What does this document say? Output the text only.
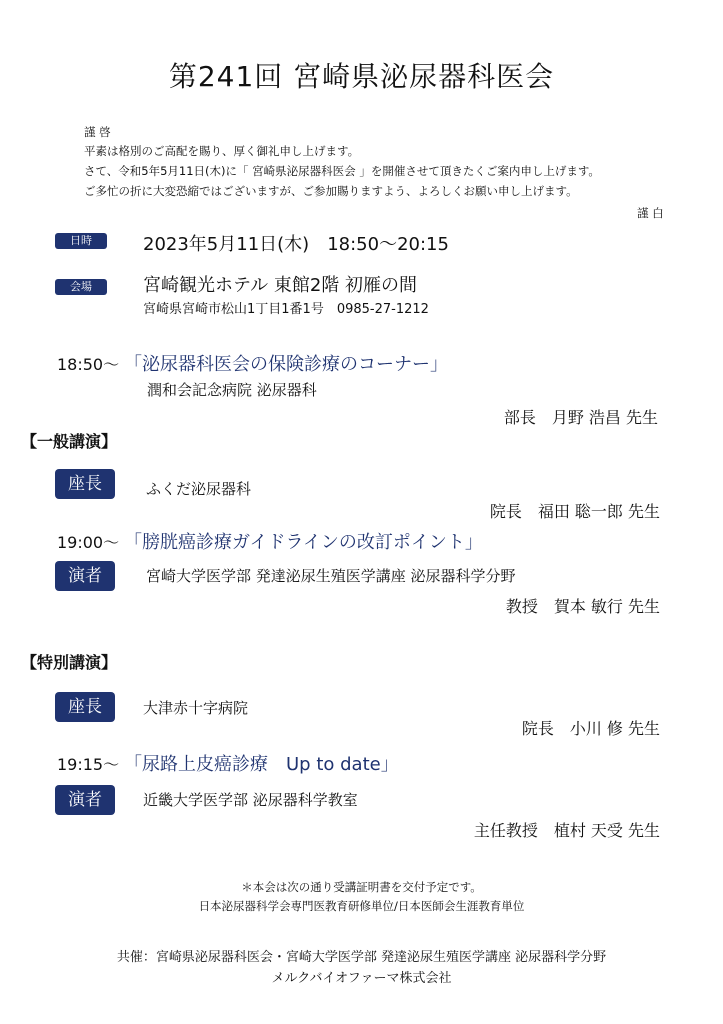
第241回 宮崎県泌尿器科医会
謹 啓
平素は格別のご高配を賜り、厚く御礼申し上げます。
さて、令和5年5月11日(木)に「 宮崎県泌尿器科医会 」を開催させて頂きたくご案内申し上げます。
ご多忙の折に大変恐縮ではございますが、ご参加賜りますよう、よろしくお願い申し上げます。
謹 白
日時	2023年5月11日(木)　18:50〜20:15
会場	宮崎観光ホテル 東館2階 初雁の間
宮崎県宮崎市松山1丁目1番1号　0985-27-1212
18:50〜 「泌尿器科医会の保険診療のコーナー」
潤和会記念病院 泌尿器科
部長　月野 浩昌 先生
【一般講演】
座長	ふくだ泌尿器科
院長　福田 聡一郎 先生
19:00〜 「膀胱癌診療ガイドラインの改訂ポイント」
演者	宮崎大学医学部 発達泌尿生殖医学講座 泌尿器科学分野
教授　賀本 敏行 先生
【特別講演】
座長	大津赤十字病院
院長　小川 修 先生
19:15〜 「尿路上皮癌診療　Up to date」
演者	近畿大学医学部 泌尿器科学教室
主任教授　植村 天受 先生
＊本会は次の通り受講証明書を交付予定です。
日本泌尿器科学会専門医教育研修単位/日本医師会生涯教育単位
共催：宮崎県泌尿器科医会・宮崎大学医学部 発達泌尿生殖医学講座 泌尿器科学分野
メルクバイオファーマ株式会社
